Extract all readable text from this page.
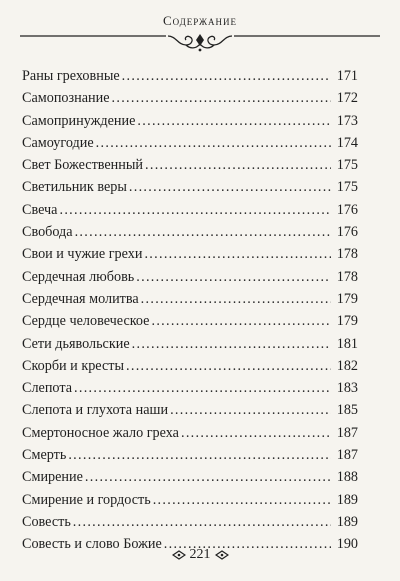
Содержание
Раны греховные .....	171
Самопознание .....	172
Самопринуждение .....	173
Самоугодие .....	174
Свет Божественный .....	175
Светильник веры .....	175
Свеча .....	176
Свобода .....	176
Свои и чужие грехи .....	178
Сердечная любовь .....	178
Сердечная молитва .....	179
Сердце человеческое .....	179
Сети дьявольские .....	181
Скорби и кресты .....	182
Слепота .....	183
Слепота и глухота наши .....	185
Смертоносное жало греха .....	187
Смерть .....	187
Смирение .....	188
Смирение и гордость .....	189
Совесть .....	189
Совесть и слово Божие .....	190
221
